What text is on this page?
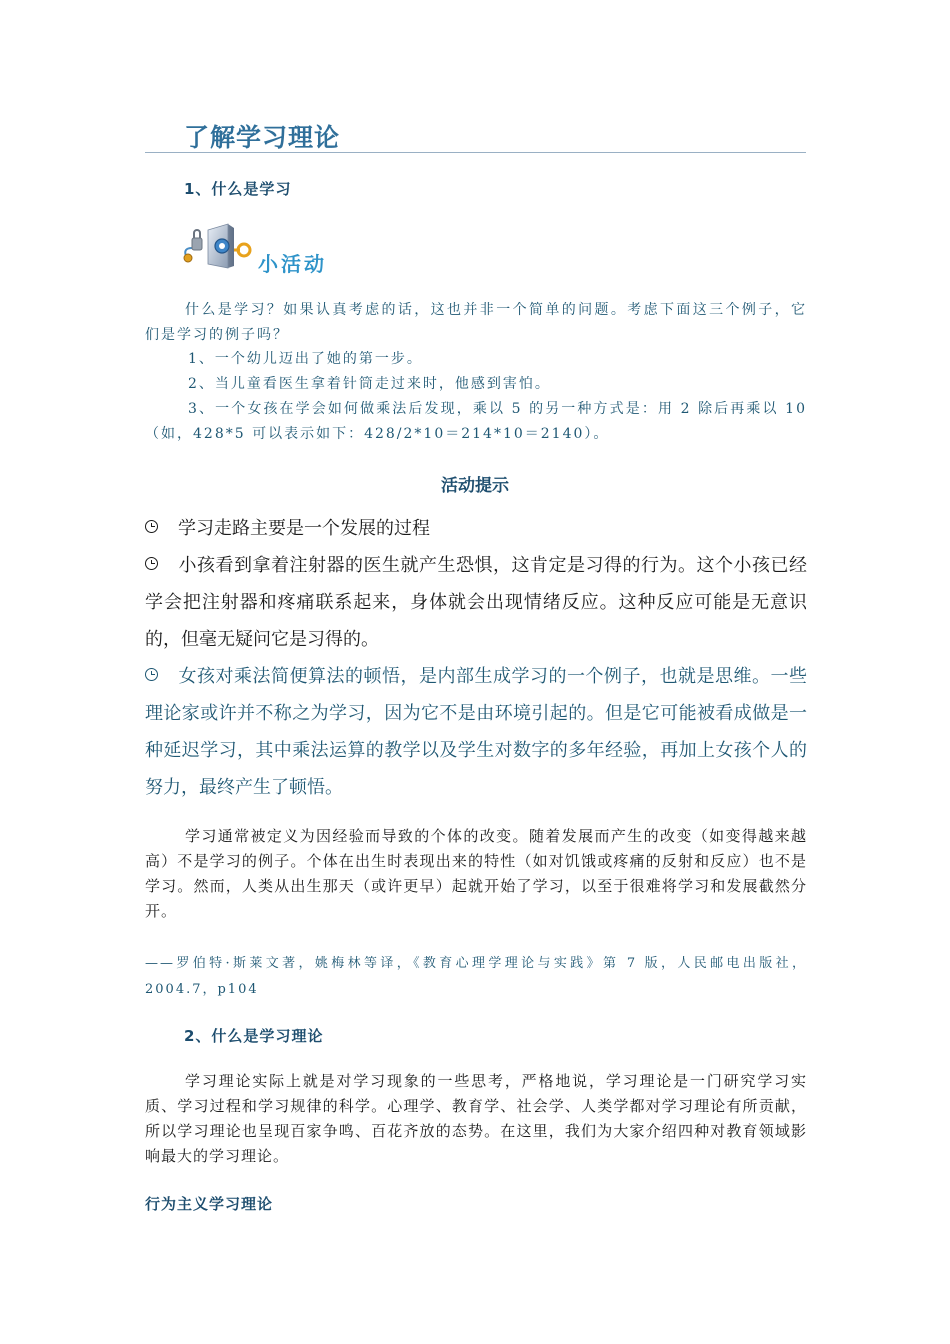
了解学习理论
1、什么是学习
小活动

什么是学习？如果认真考虑的话，这也并非一个简单的问题。考虑下面这三个例子，它们是学习的例子吗？

1、一个幼儿迈出了她的第一步。

2、当儿童看医生拿着针筒走过来时，他感到害怕。

3、一个女孩在学会如何做乘法后发现，乘以 5 的另一种方式是：用 2 除后再乘以 10（如，428*5 可以表示如下：428/2*10＝214*10＝2140）。

活动提示

学习走路主要是一个发展的过程

小孩看到拿着注射器的医生就产生恐惧，这肯定是习得的行为。这个小孩已经学会把注射器和疼痛联系起来，身体就会出现情绪反应。这种反应可能是无意识的，但毫无疑问它是习得的。

女孩对乘法简便算法的顿悟，是内部生成学习的一个例子，也就是思维。一些理论家或许并不称之为学习，因为它不是由环境引起的。但是它可能被看成做是一种延迟学习，其中乘法运算的教学以及学生对数字的多年经验，再加上女孩个人的努力，最终产生了顿悟。

学习通常被定义为因经验而导致的个体的改变。随着发展而产生的改变（如变得越来越高）不是学习的例子。个体在出生时表现出来的特性（如对饥饿或疼痛的反射和反应）也不是学习。然而，人类从出生那天（或许更早）起就开始了学习，以至于很难将学习和发展截然分开。

——罗伯特·斯莱文著，姚梅林等译，《教育心理学理论与实践》第 7 版，人民邮电出版社，2004.7，p104

2、什么是学习理论

学习理论实际上就是对学习现象的一些思考，严格地说，学习理论是一门研究学习实质、学习过程和学习规律的科学。心理学、教育学、社会学、人类学都对学习理论有所贡献，所以学习理论也呈现百家争鸣、百花齐放的态势。在这里，我们为大家介绍四种对教育领域影响最大的学习理论。

行为主义学习理论
